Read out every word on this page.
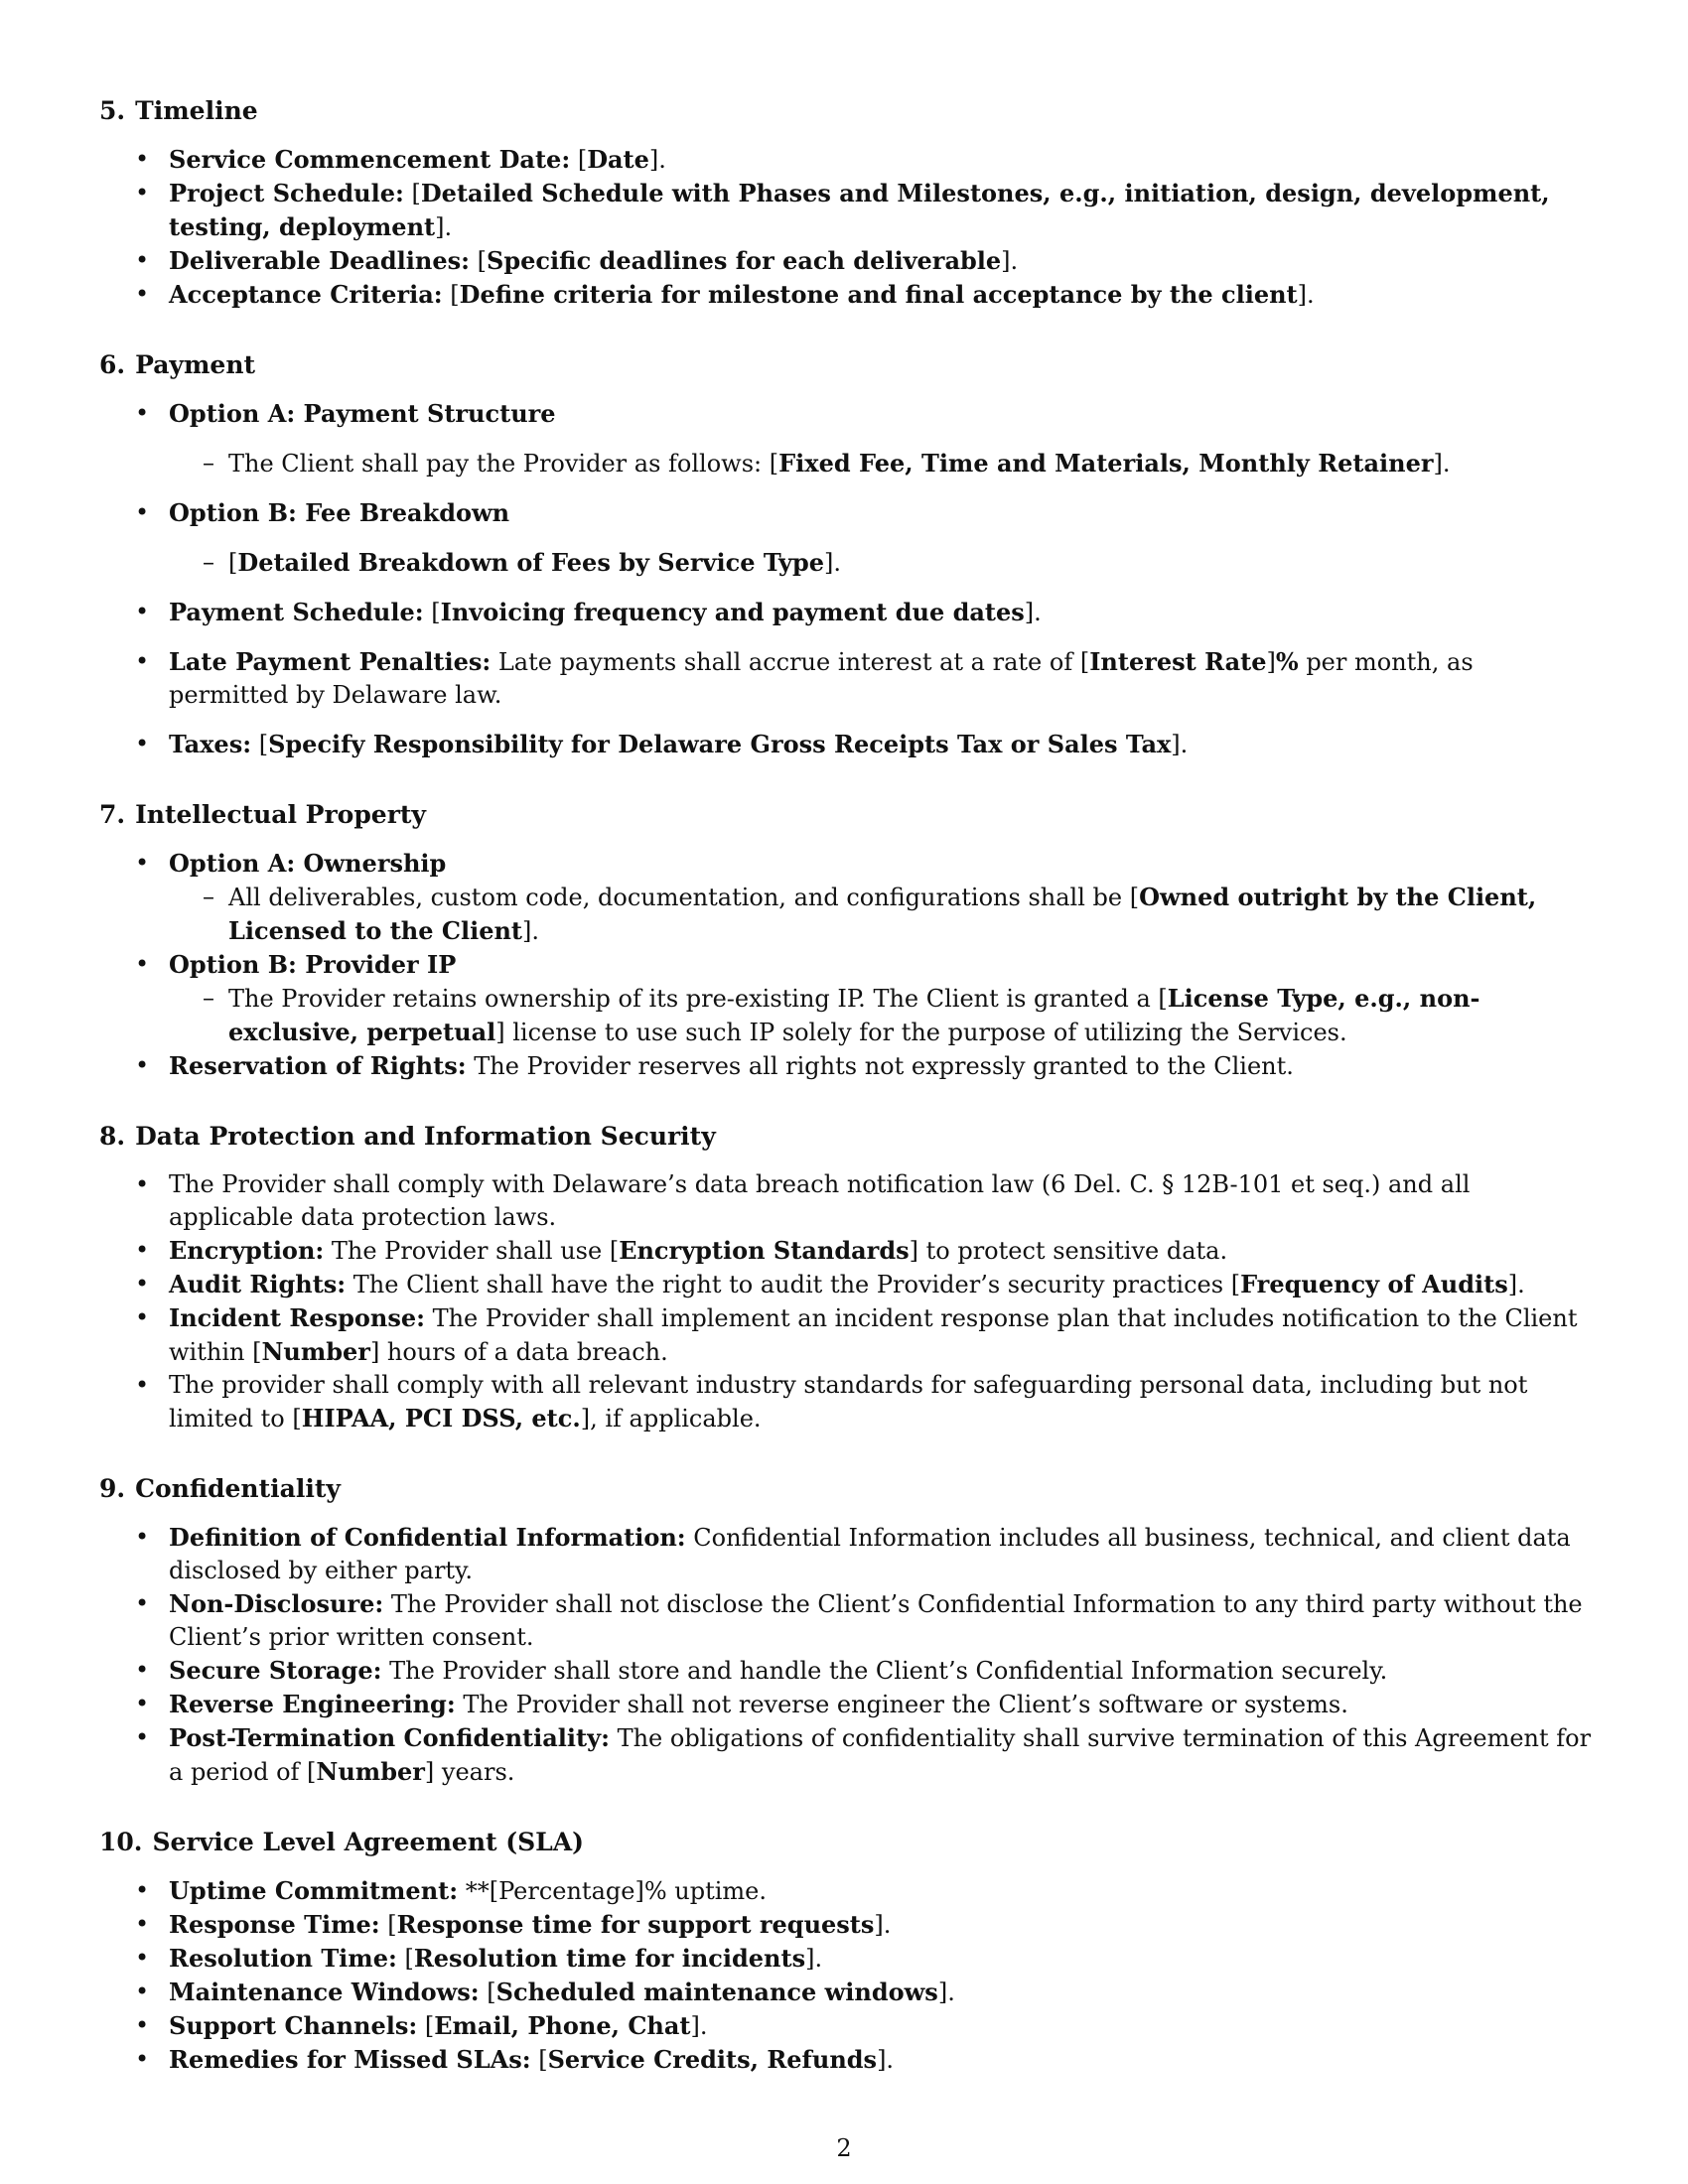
5. Timeline
• Service Commencement Date: [Date].
• Project Schedule: [Detailed Schedule with Phases and Milestones, e.g., initiation, design, development, testing, deployment].
• Deliverable Deadlines: [Specific deadlines for each deliverable].
• Acceptance Criteria: [Define criteria for milestone and final acceptance by the client].
6. Payment
• Option A: Payment Structure
– The Client shall pay the Provider as follows: [Fixed Fee, Time and Materials, Monthly Retainer].
• Option B: Fee Breakdown
– [Detailed Breakdown of Fees by Service Type].
• Payment Schedule: [Invoicing frequency and payment due dates].
• Late Payment Penalties: Late payments shall accrue interest at a rate of [Interest Rate]% per month, as permitted by Delaware law.
• Taxes: [Specify Responsibility for Delaware Gross Receipts Tax or Sales Tax].
7. Intellectual Property
• Option A: Ownership
– All deliverables, custom code, documentation, and configurations shall be [Owned outright by the Client, Licensed to the Client].
• Option B: Provider IP
– The Provider retains ownership of its pre-existing IP. The Client is granted a [License Type, e.g., non-exclusive, perpetual] license to use such IP solely for the purpose of utilizing the Services.
• Reservation of Rights: The Provider reserves all rights not expressly granted to the Client.
8. Data Protection and Information Security
• The Provider shall comply with Delaware’s data breach notification law (6 Del. C. § 12B-101 et seq.) and all applicable data protection laws.
• Encryption: The Provider shall use [Encryption Standards] to protect sensitive data.
• Audit Rights: The Client shall have the right to audit the Provider’s security practices [Frequency of Audits].
• Incident Response: The Provider shall implement an incident response plan that includes notification to the Client within [Number] hours of a data breach.
• The provider shall comply with all relevant industry standards for safeguarding personal data, including but not limited to [HIPAA, PCI DSS, etc.], if applicable.
9. Confidentiality
• Definition of Confidential Information: Confidential Information includes all business, technical, and client data disclosed by either party.
• Non-Disclosure: The Provider shall not disclose the Client’s Confidential Information to any third party without the Client’s prior written consent.
• Secure Storage: The Provider shall store and handle the Client’s Confidential Information securely.
• Reverse Engineering: The Provider shall not reverse engineer the Client’s software or systems.
• Post-Termination Confidentiality: The obligations of confidentiality shall survive termination of this Agreement for a period of [Number] years.
10. Service Level Agreement (SLA)
• Uptime Commitment: **[Percentage]% uptime.
• Response Time: [Response time for support requests].
• Resolution Time: [Resolution time for incidents].
• Maintenance Windows: [Scheduled maintenance windows].
• Support Channels: [Email, Phone, Chat].
• Remedies for Missed SLAs: [Service Credits, Refunds].
2
